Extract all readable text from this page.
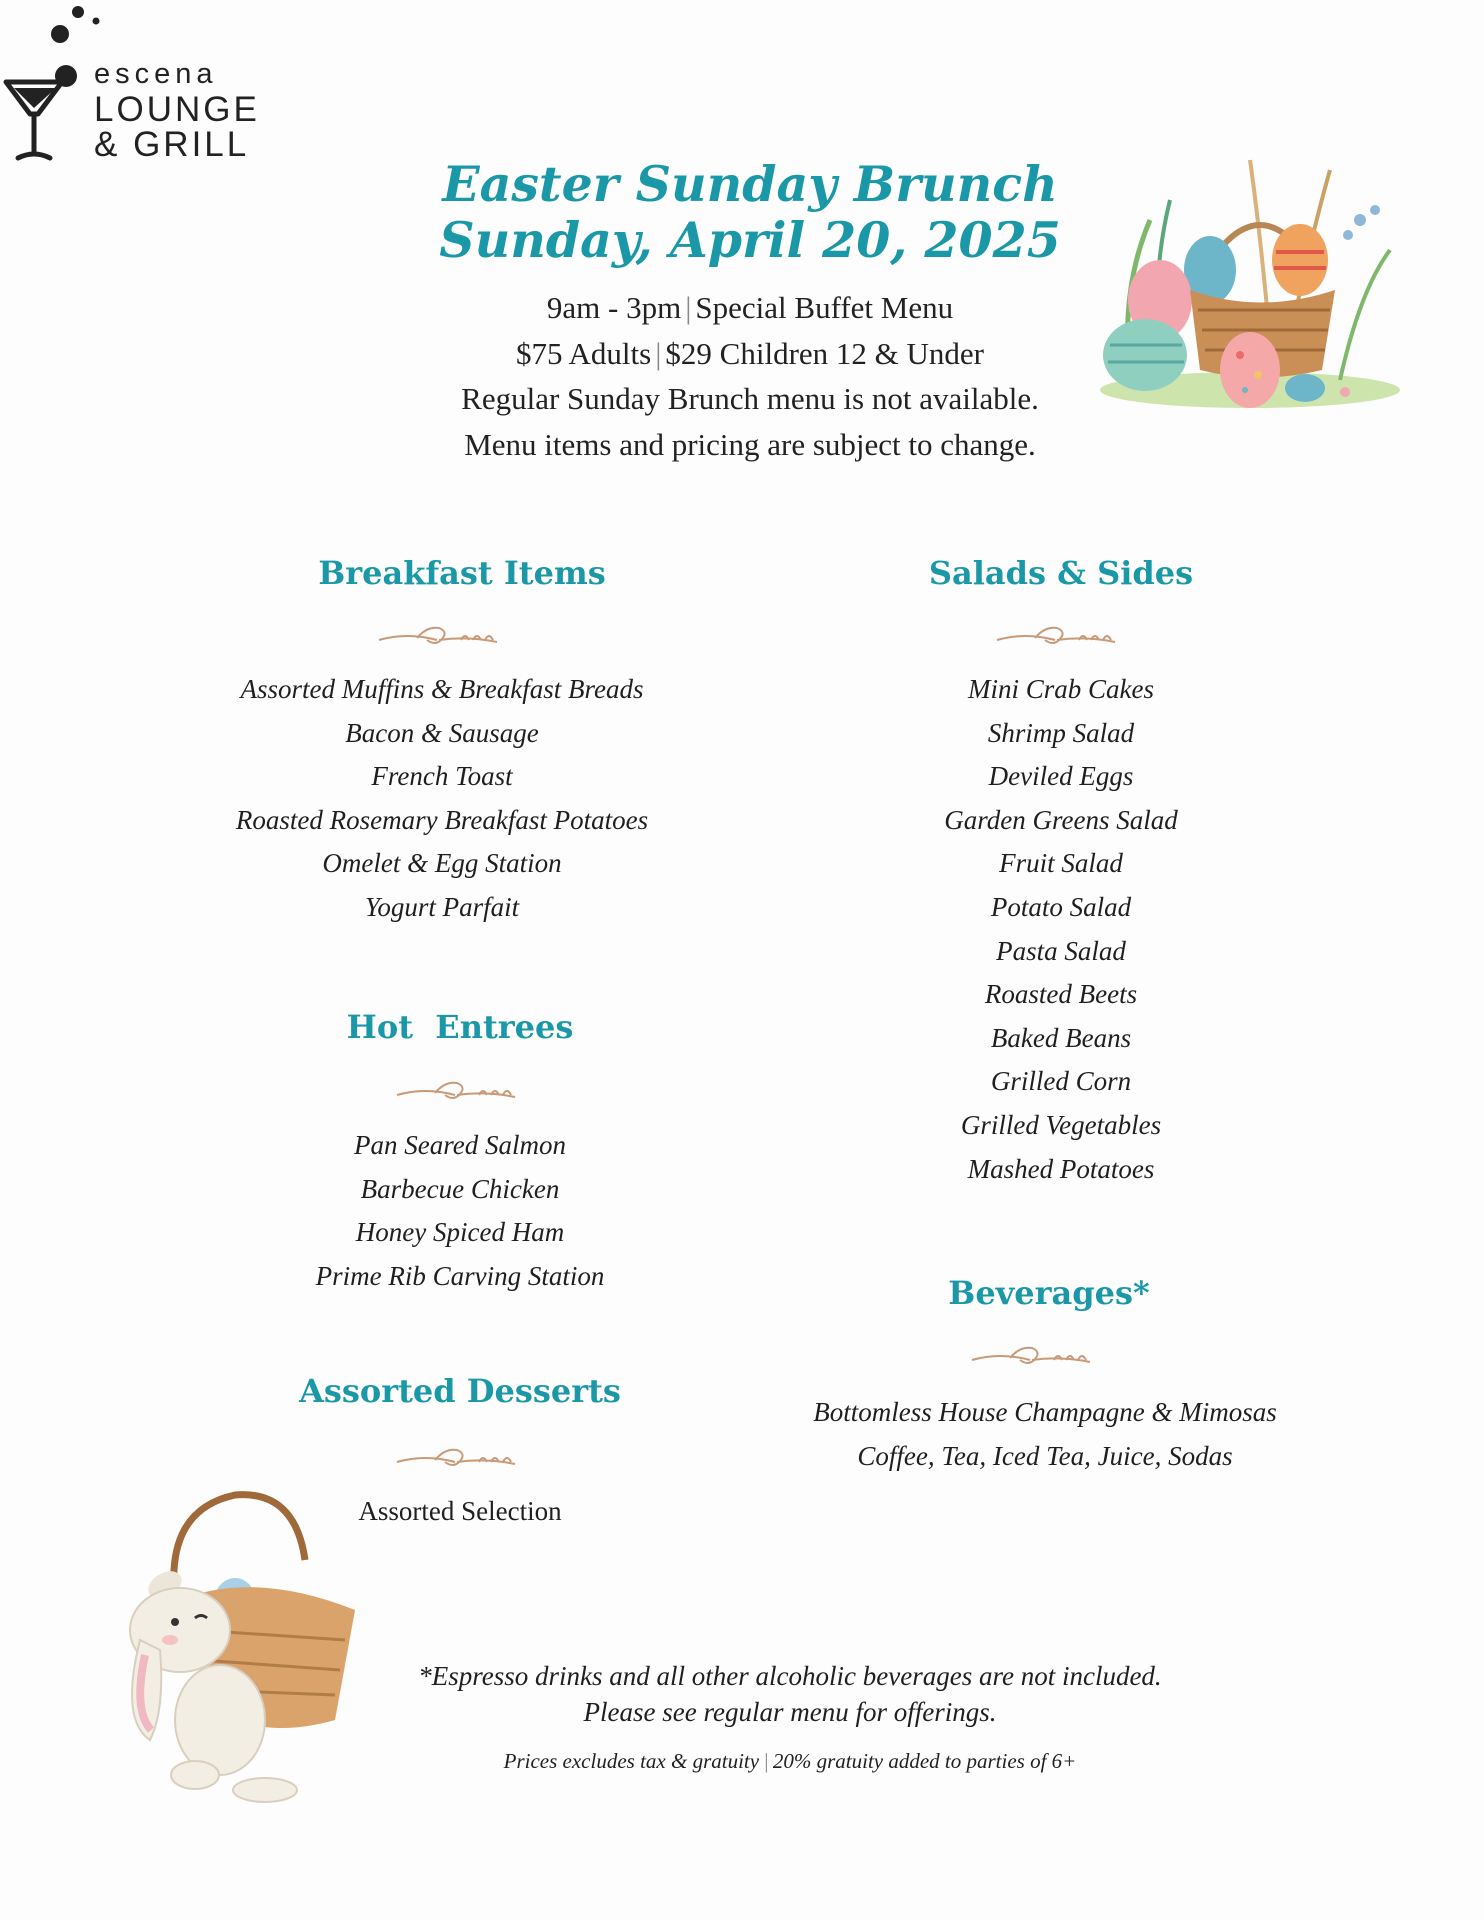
escena
LOUNGE
& GRILL
Easter Sunday Brunch
Sunday, April 20, 2025
9am - 3pm | Special Buffet Menu
$75 Adults | $29 Children 12 & Under
Regular Sunday Brunch menu is not available.
Menu items and pricing are subject to change.
Breakfast Items
Assorted Muffins & Breakfast Breads
Bacon & Sausage
French Toast
Roasted Rosemary Breakfast Potatoes
Omelet & Egg Station
Yogurt Parfait
Hot  Entrees
Pan Seared Salmon
Barbecue Chicken
Honey Spiced Ham
Prime Rib Carving Station
Assorted Desserts
Assorted Selection
Salads & Sides
Mini Crab Cakes
Shrimp Salad
Deviled Eggs
Garden Greens Salad
Fruit Salad
Potato Salad
Pasta Salad
Roasted Beets
Baked Beans
Grilled Corn
Grilled Vegetables
Mashed Potatoes
Beverages*
Bottomless House Champagne & Mimosas
Coffee, Tea, Iced Tea, Juice, Sodas
*Espresso drinks and all other alcoholic beverages are not included.
Please see regular menu for offerings.
Prices excludes tax & gratuity | 20% gratuity added to parties of 6+
